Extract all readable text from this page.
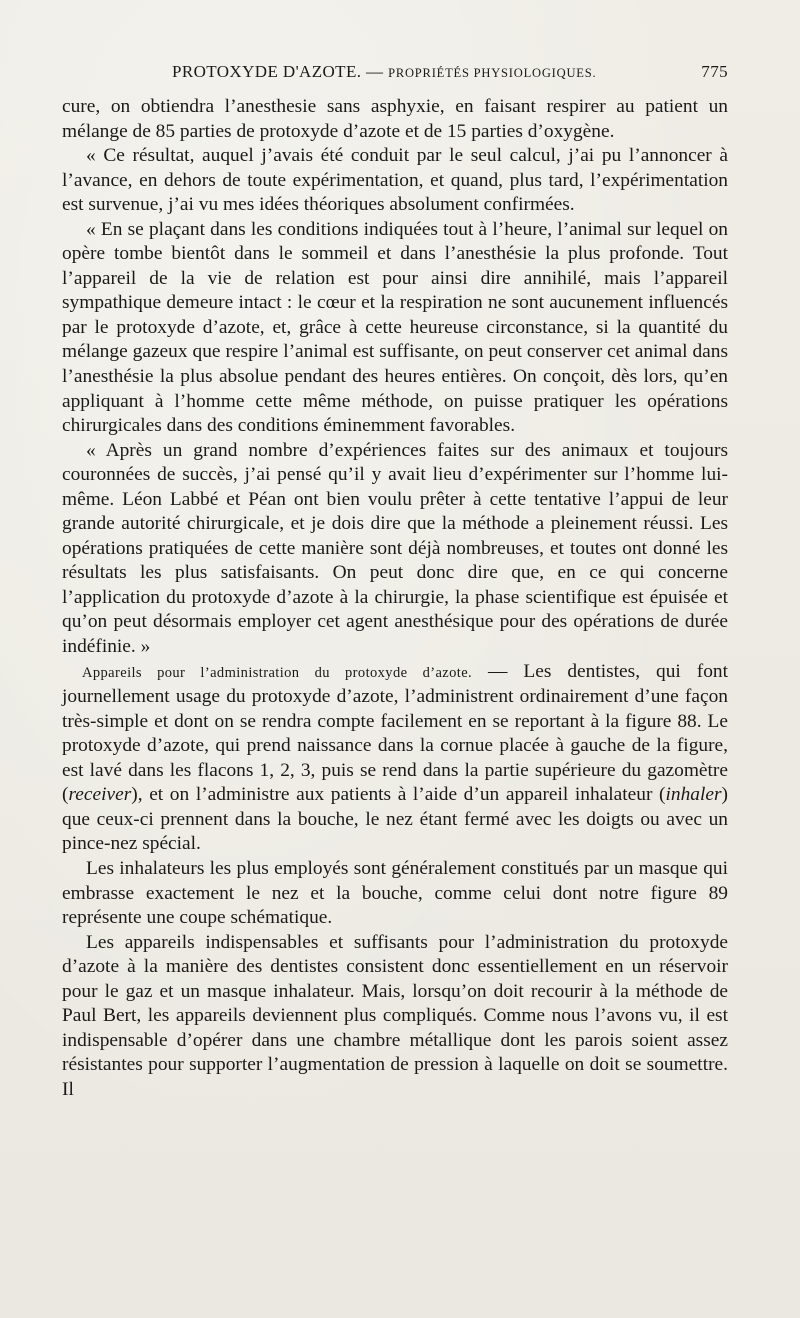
PROTOXYDE D'AZOTE. — PROPRIÉTÉS PHYSIOLOGIQUES.	775

cure, on obtiendra l’anesthesie sans asphyxie, en faisant respirer au patient un mélange de 85 parties de protoxyde d’azote et de 15 parties d’oxygène.

« Ce résultat, auquel j’avais été conduit par le seul calcul, j’ai pu l’annoncer à l’avance, en dehors de toute expérimentation, et quand, plus tard, l’expérimentation est survenue, j’ai vu mes idées théoriques absolument confirmées.

« En se plaçant dans les conditions indiquées tout à l’heure, l’animal sur lequel on opère tombe bientôt dans le sommeil et dans l’anesthésie la plus profonde. Tout l’appareil de la vie de relation est pour ainsi dire annihilé, mais l’appareil sympathique demeure intact : le cœur et la respiration ne sont aucunement influencés par le protoxyde d’azote, et, grâce à cette heureuse circonstance, si la quantité du mélange gazeux que respire l’animal est suffisante, on peut conserver cet animal dans l’anesthésie la plus absolue pendant des heures entières. On conçoit, dès lors, qu’en appliquant à l’homme cette même méthode, on puisse pratiquer les opérations chirurgicales dans des conditions éminemment favorables.

« Après un grand nombre d’expériences faites sur des animaux et toujours couronnées de succès, j’ai pensé qu’il y avait lieu d’expérimenter sur l’homme lui-même. Léon Labbé et Péan ont bien voulu prêter à cette tentative l’appui de leur grande autorité chirurgicale, et je dois dire que la méthode a pleinement réussi. Les opérations pratiquées de cette manière sont déjà nombreuses, et toutes ont donné les résultats les plus satisfaisants. On peut donc dire que, en ce qui concerne l’application du protoxyde d’azote à la chirurgie, la phase scientifique est épuisée et qu’on peut désormais employer cet agent anesthésique pour des opérations de durée indéfinie. »

Appareils pour l’administration du protoxyde d’azote. — Les dentistes, qui font journellement usage du protoxyde d’azote, l’administrent ordinairement d’une façon très-simple et dont on se rendra compte facilement en se reportant à la figure 88. Le protoxyde d’azote, qui prend naissance dans la cornue placée à gauche de la figure, est lavé dans les flacons 1, 2, 3, puis se rend dans la partie supérieure du gazomètre (receiver), et on l’administre aux patients à l’aide d’un appareil inhalateur (inhaler) que ceux-ci prennent dans la bouche, le nez étant fermé avec les doigts ou avec un pince-nez spécial.

Les inhalateurs les plus employés sont généralement constitués par un masque qui embrasse exactement le nez et la bouche, comme celui dont notre figure 89 représente une coupe schématique.

Les appareils indispensables et suffisants pour l’administration du protoxyde d’azote à la manière des dentistes consistent donc essentiellement en un réservoir pour le gaz et un masque inhalateur. Mais, lorsqu’on doit recourir à la méthode de Paul Bert, les appareils deviennent plus compliqués. Comme nous l’avons vu, il est indispensable d’opérer dans une chambre métallique dont les parois soient assez résistantes pour supporter l’augmentation de pression à laquelle on doit se soumettre. Il
